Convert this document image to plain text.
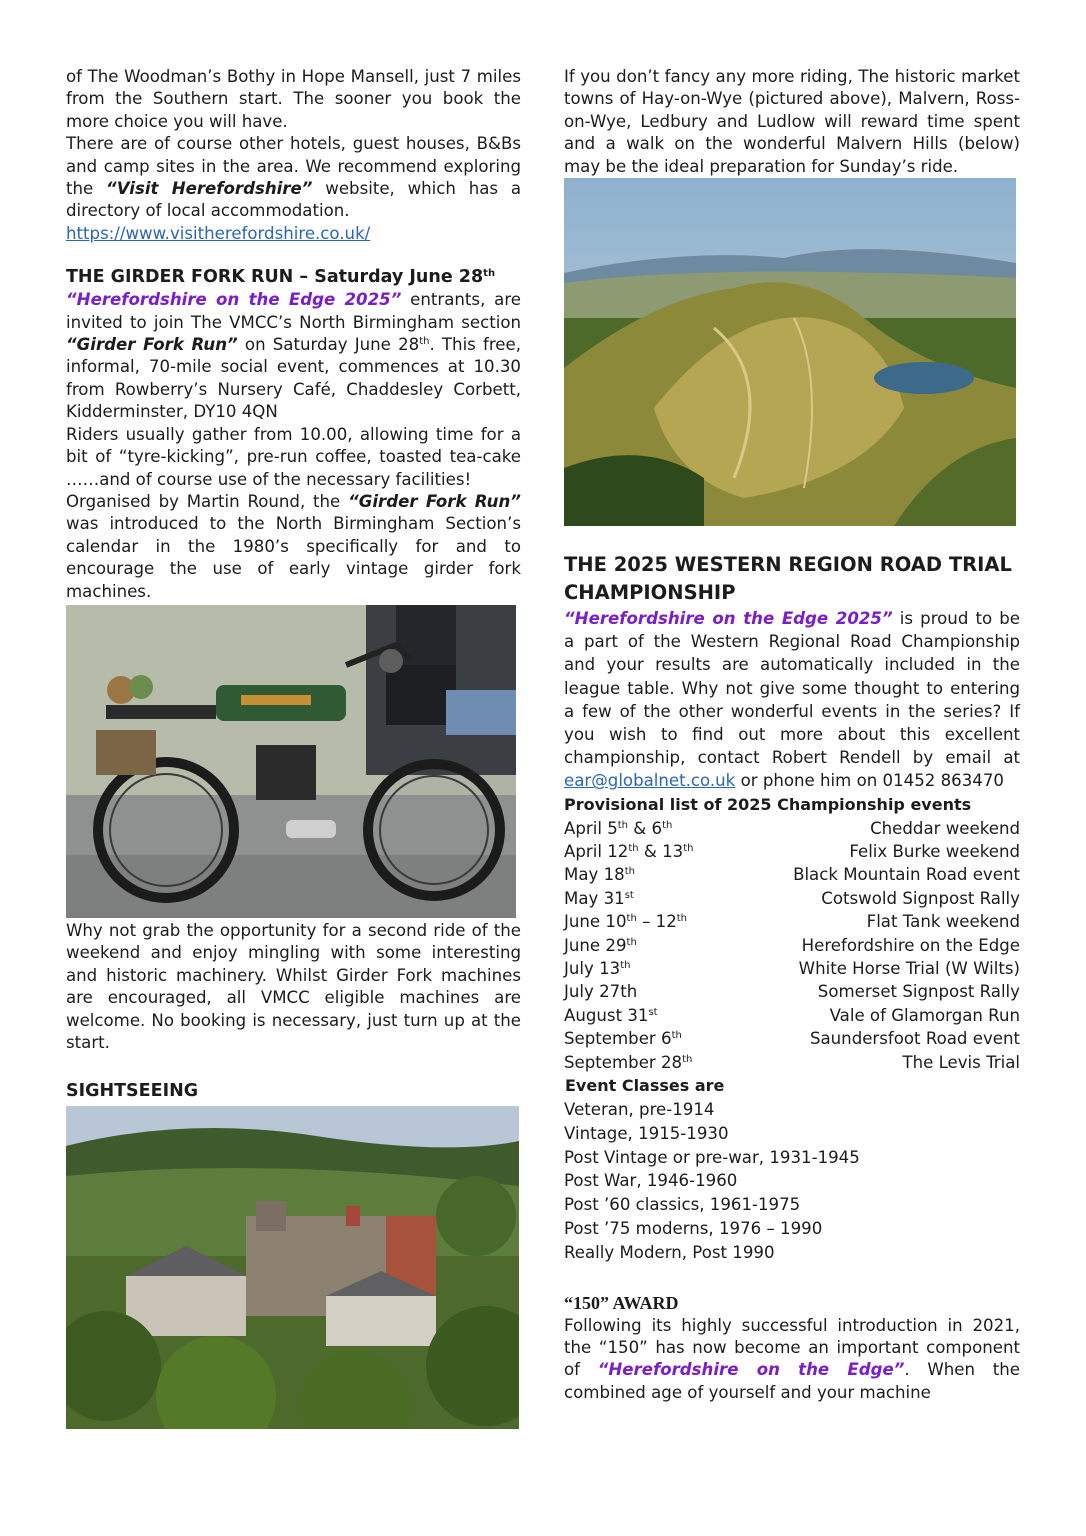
of The Woodman’s Bothy in Hope Mansell, just 7 miles from the Southern start. The sooner you book the more choice you will have.

There are of course other hotels, guest houses, B&Bs and camp sites in the area. We recommend exploring the “Visit Herefordshire” website, which has a directory of local accommodation.

https://www.visitherefordshire.co.uk/

THE GIRDER FORK RUN – Saturday June 28th

“Herefordshire on the Edge 2025” entrants, are invited to join The VMCC’s North Birmingham section “Girder Fork Run” on Saturday June 28th. This free, informal, 70-mile social event, commences at 10.30 from Rowberry’s Nursery Café, Chaddesley Corbett, Kidderminster, DY10 4QN

Riders usually gather from 10.00, allowing time for a bit of “tyre-kicking”, pre-run coffee, toasted tea-cake ……and of course use of the necessary facilities!

Organised by Martin Round, the “Girder Fork Run” was introduced to the North Birmingham Section’s calendar in the 1980’s specifically for and to encourage the use of early vintage girder fork machines.

Why not grab the opportunity for a second ride of the weekend and enjoy mingling with some interesting and historic machinery. Whilst Girder Fork machines are encouraged, all VMCC eligible machines are welcome. No booking is necessary, just turn up at the start.

SIGHTSEEING

If you don’t fancy any more riding, The historic market towns of Hay-on-Wye (pictured above), Malvern, Ross-on-Wye, Ledbury and Ludlow will reward time spent and a walk on the wonderful Malvern Hills (below) may be the ideal preparation for Sunday’s ride.

THE 2025 WESTERN REGION ROAD TRIAL CHAMPIONSHIP

“Herefordshire on the Edge 2025” is proud to be a part of the Western Regional Road Championship and your results are automatically included in the league table. Why not give some thought to entering a few of the other wonderful events in the series? If you wish to find out more about this excellent championship, contact Robert Rendell by email at ear@globalnet.co.uk or phone him on 01452 863470

Provisional list of 2025 Championship events
April 5th & 6th	Cheddar weekend
April 12th & 13th	Felix Burke weekend
May 18th	Black Mountain Road event
May 31st	Cotswold Signpost Rally
June 10th – 12th	Flat Tank weekend
June 29th	Herefordshire on the Edge
July 13th	White Horse Trial (W Wilts)
July 27th	Somerset Signpost Rally
August 31st	Vale of Glamorgan Run
September 6th	Saundersfoot Road event
September 28th	The Levis Trial
Event Classes are
Veteran, pre-1914
Vintage, 1915-1930
Post Vintage or pre-war, 1931-1945
Post War, 1946-1960
Post ’60 classics, 1961-1975
Post ’75 moderns, 1976 – 1990
Really Modern, Post 1990
“150” AWARD

Following its highly successful introduction in 2021, the “150” has now become an important component of “Herefordshire on the Edge”. When the combined age of yourself and your machine
